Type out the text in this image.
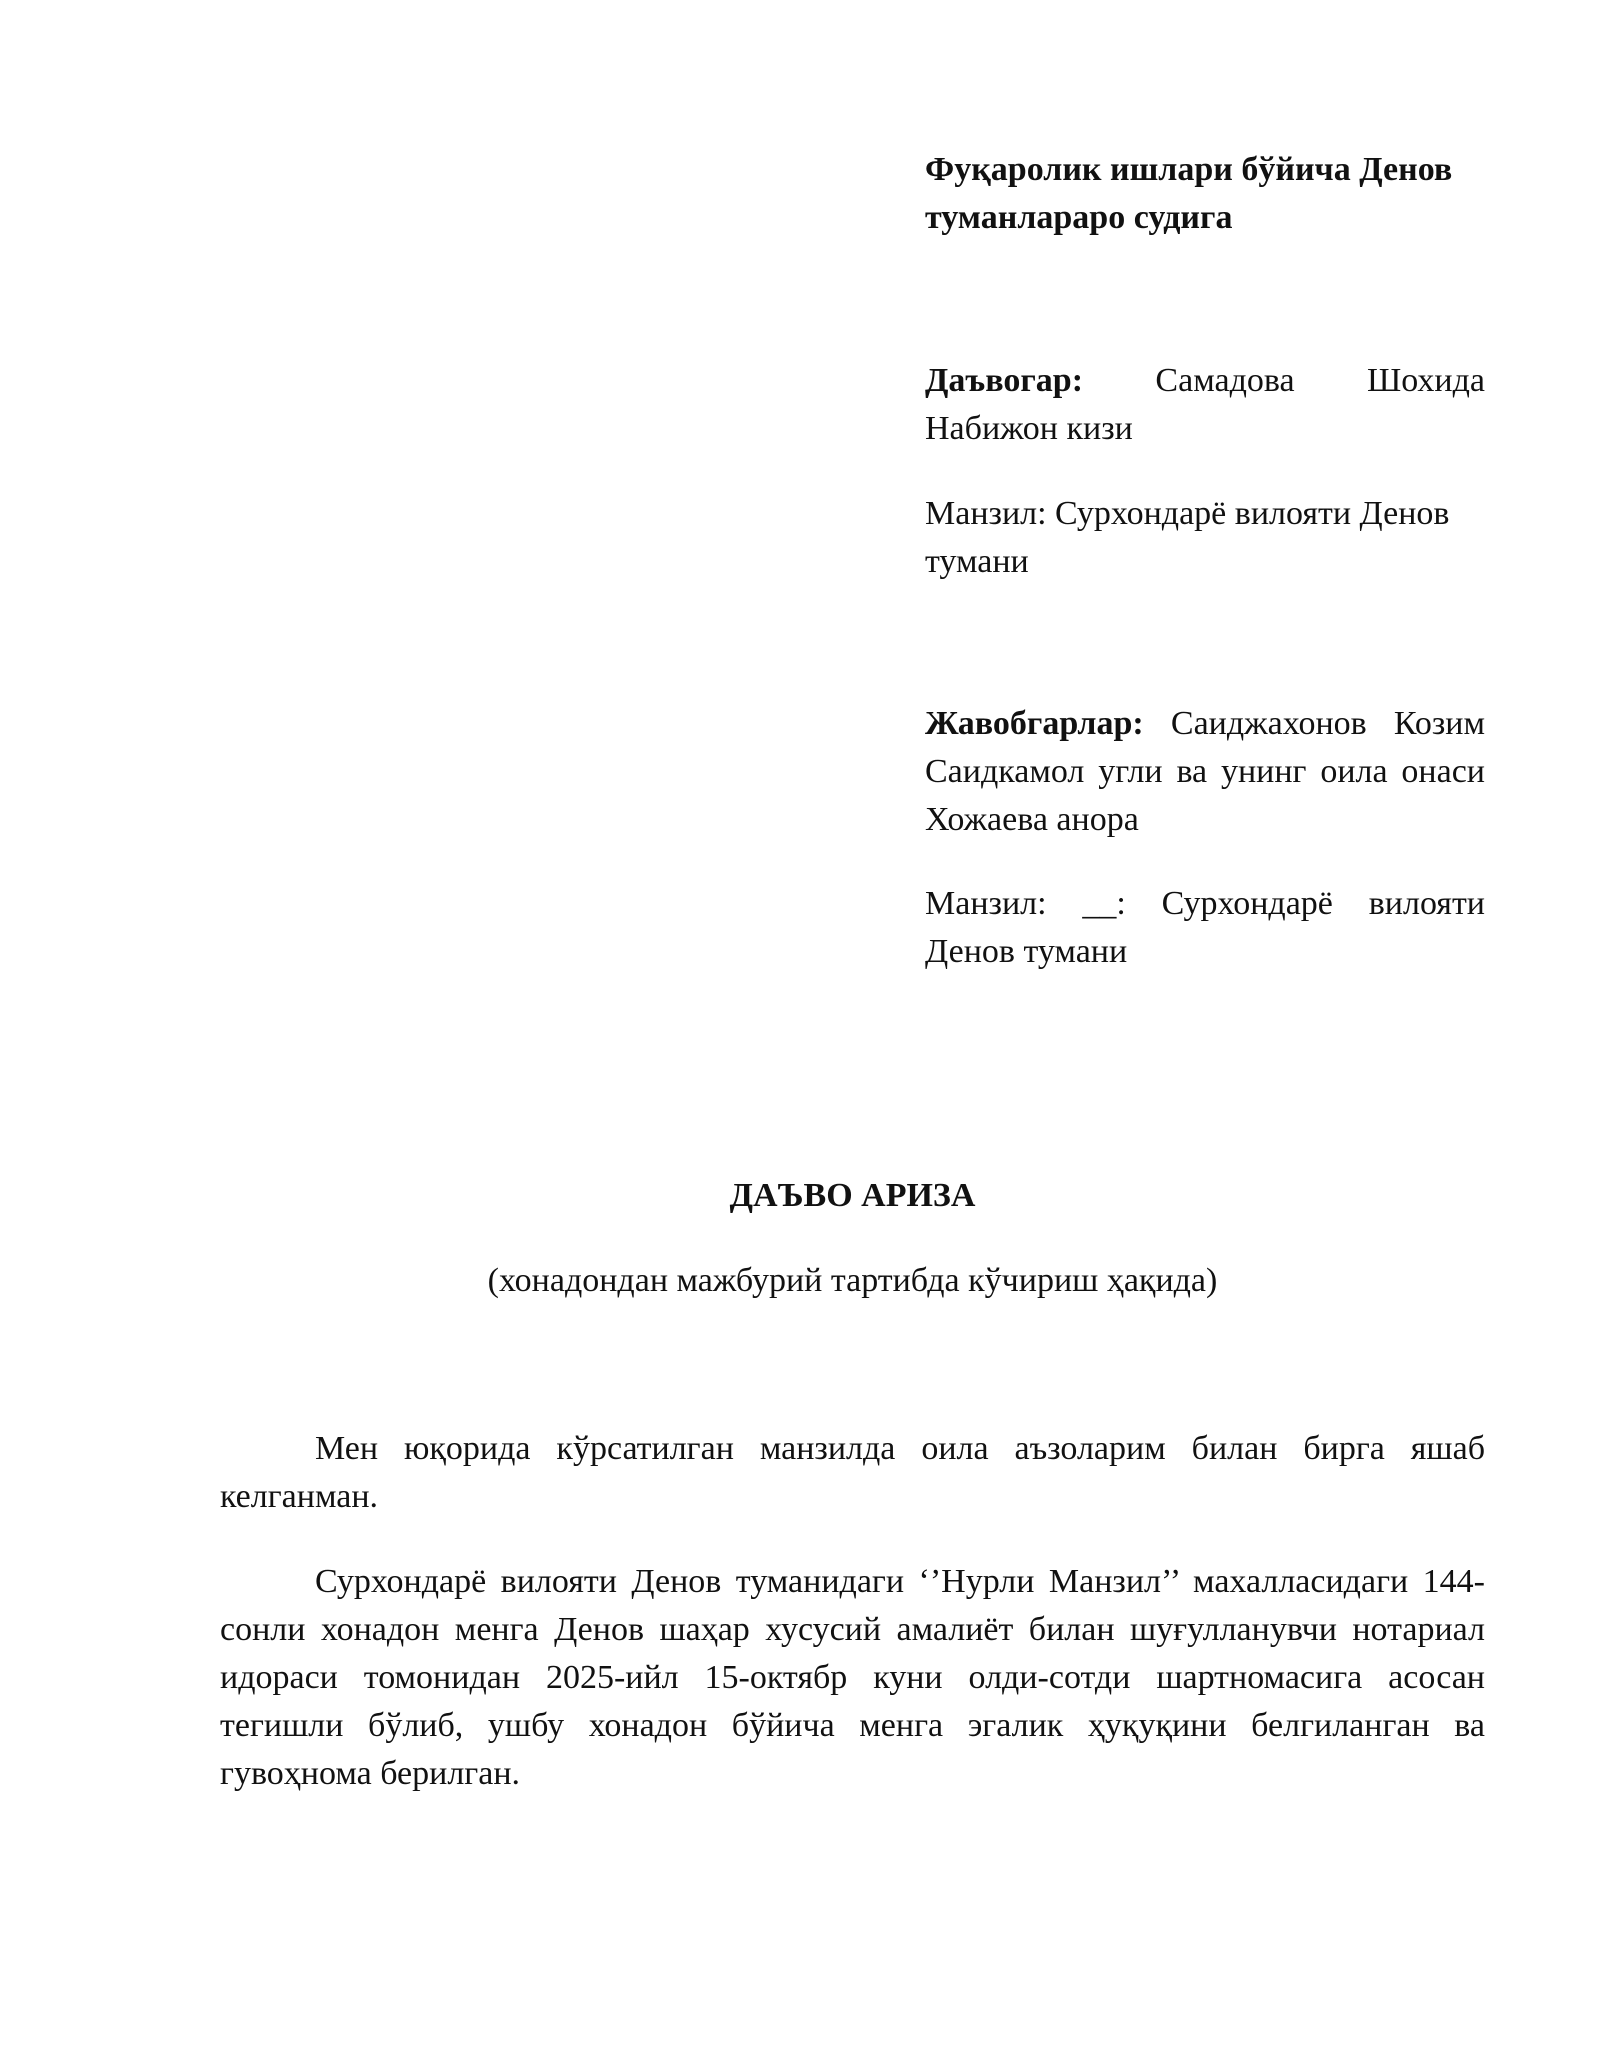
Фуқаролик ишлари бўйича Денов туманлараро судига

Даъвогар: Самадова Шохида Набижон кизи

Манзил: Сурхондарё вилояти Денов тумани

Жавобгарлар: Саиджахонов Козим Саидкамол угли ва унинг оила онаси Хожаева анора

Манзил: __: Сурхондарё вилояти Денов тумани

ДАЪВО АРИЗА
(хонадондан мажбурий тартибда кўчириш ҳақида)

Мен юқорида кўрсатилган манзилда оила аъзоларим билан бирга яшаб келганман.

Сурхондарё вилояти Денов туманидаги ‘’Нурли Манзил’’ махалласидаги 144-сонли хонадон менга Денов шаҳар хусусий амалиёт билан шуғулланувчи нотариал идораси томонидан 2025-ийл 15-октябр куни олди-сотди шартномасига асосан тегишли бўлиб, ушбу хонадон бўйича менга эгалик ҳуқуқини белгиланган ва гувоҳнома берилган.
